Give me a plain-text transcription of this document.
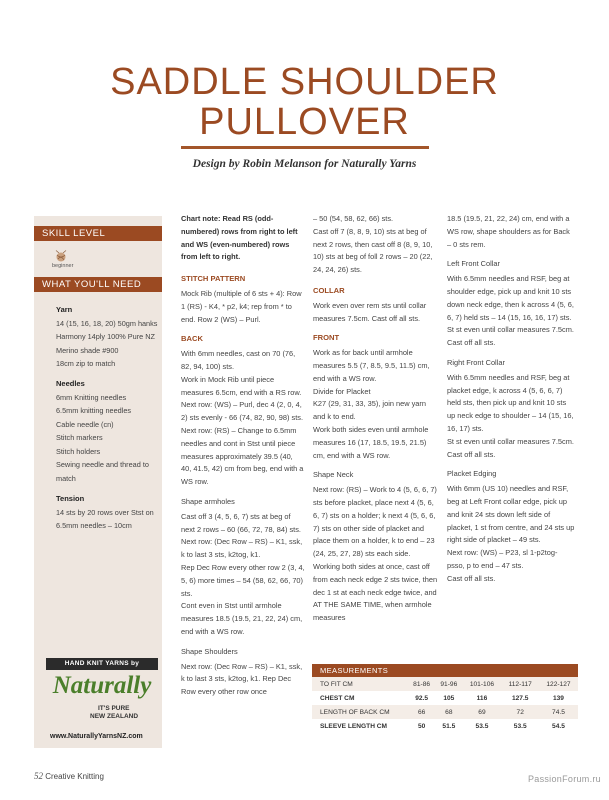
SADDLE SHOULDER
PULLOVER
Design by Robin Melanson for Naturally Yarns
SKILL LEVEL
beginner
WHAT YOU'LL NEED
Yarn
14 (15, 16, 18, 20) 50gm hanks
Harmony 14ply 100% Pure NZ
Merino shade #900
18cm zip to match
Needles
6mm Knitting needles
6.5mm knitting needles
Cable needle (cn)
Stitch markers
Stitch holders
Sewing needle and thread to
match
Tension
14 sts by 20 rows over Stst on
6.5mm needles – 10cm
HAND KNIT YARNS by
Naturally
IT'S PURE
NEW ZEALAND
www.NaturallyYarnsNZ.com

Chart note: Read RS (odd-numbered) rows from right to left and WS (even-numbered) rows from left to right.

STITCH PATTERN

Mock Rib (multiple of 6 sts + 4): Row 1 (RS) - K4, * p2, k4; rep from * to end. Row 2 (WS) – Purl.

BACK

With 6mm needles, cast on 70 (76, 82, 94, 100) sts.

Work in Mock Rib until piece measures 6.5cm, end with a RS row.

Next row: (WS) – Purl, dec 4 (2, 0, 4, 2) sts evenly - 66 (74, 82, 90, 98) sts.

Next row: (RS) – Change to 6.5mm needles and cont in Stst until piece measures approximately 39.5 (40, 40, 41.5, 42) cm from beg, end with a WS row.

Shape armholes

Cast off 3 (4, 5, 6, 7) sts at beg of next 2 rows – 60 (66, 72, 78, 84) sts.

Next row: (Dec Row – RS) – K1, ssk, k to last 3 sts, k2tog, k1.

Rep Dec Row every other row 2 (3, 4, 5, 6) more times – 54 (58, 62, 66, 70) sts.

Cont even in Stst until armhole measures 18.5 (19.5, 21, 22, 24) cm, end with a WS row.

Shape Shoulders

Next row: (Dec Row – RS) – K1, ssk, k to last 3 sts, k2tog, k1. Rep Dec Row every other row once

– 50 (54, 58, 62, 66) sts.

Cast off 7 (8, 8, 9, 10) sts at beg of next 2 rows, then cast off 8 (8, 9, 10, 10) sts at beg of foll 2 rows – 20 (22, 24, 24, 26) sts.

COLLAR

Work even over rem sts until collar measures 7.5cm. Cast off all sts.

FRONT

Work as for back until armhole measures 5.5 (7, 8.5, 9.5, 11.5) cm, end with a WS row.

Divide for Placket

K27 (29, 31, 33, 35), join new yarn and k to end.

Work both sides even until armhole measures 16 (17, 18.5, 19.5, 21.5) cm, end with a WS row.

Shape Neck

Next row: (RS) – Work to 4 (5, 6, 6, 7) sts before placket, place next 4 (5, 6, 6, 7) sts on a holder; k next 4 (5, 6, 6, 7) sts on other side of placket and place them on a holder, k to end – 23 (24, 25, 27, 28) sts each side.

Working both sides at once, cast off from each neck edge 2 sts twice, then dec 1 st at each neck edge twice, and AT THE SAME TIME, when armhole measures

18.5 (19.5, 21, 22, 24) cm, end with a WS row, shape shoulders as for Back – 0 sts rem.

Left Front Collar

With 6.5mm needles and RSF, beg at shoulder edge, pick up and knit 10 sts down neck edge, then k across 4 (5, 6, 6, 7) held sts – 14 (15, 16, 16, 17) sts.

St st even until collar measures 7.5cm.

Cast off all sts.

Right Front Collar

With 6.5mm needles and RSF, beg at placket edge, k across 4 (5, 6, 6, 7) held sts, then pick up and knit 10 sts up neck edge to shoulder – 14 (15, 16, 16, 17) sts.

St st even until collar measures 7.5cm.

Cast off all sts.

Placket Edging

With 6mm (US 10) needles and RSF, beg at Left Front collar edge, pick up and knit 24 sts down left side of placket, 1 st from centre, and 24 sts up right side of placket – 49 sts.

Next row: (WS) – P23, sl 1-p2tog-psso, p to end – 47 sts.

Cast off all sts.

MEASUREMENTS
TO FIT CM	81-86	91-96	101-106	112-117	122-127
CHEST CM	92.5	105	116	127.5	139
LENGTH OF BACK CM	66	68	69	72	74.5
SLEEVE LENGTH CM	50	51.5	53.5	53.5	54.5
52 Creative Knitting	PassionForum.ru
